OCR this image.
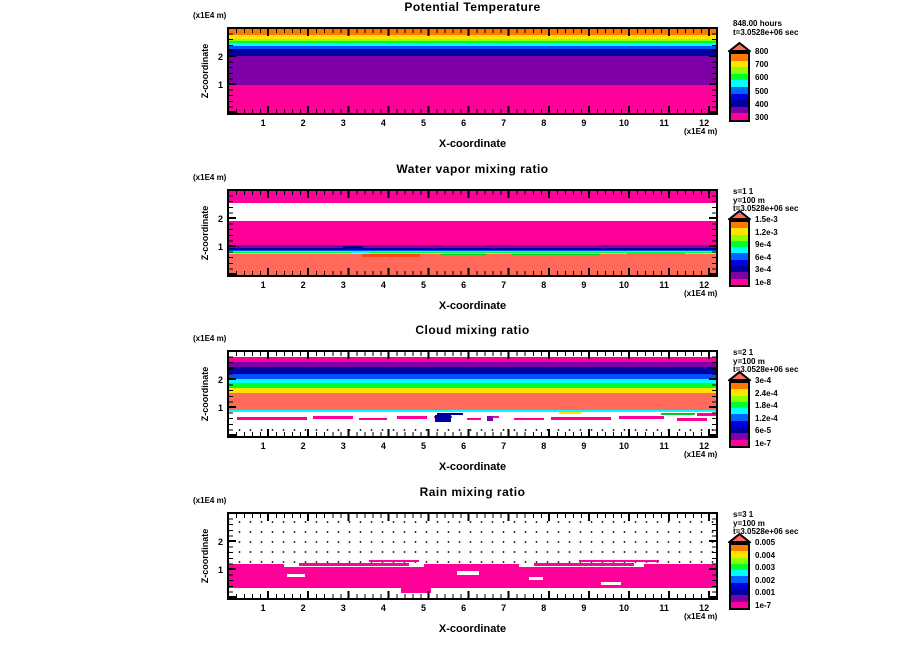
Potential Temperature
(x1E4 m)
Z-coordinate 2
1
1	2	3	4	5	6	7	8	9	10	11	12
(x1E4 m)
X-coordinate
800
700
600
500
400
300
848.00 hours
t=3.0528e+06 sec
Water vapor mixing ratio
(x1E4 m)
Z-coordinate 2
1
1	2	3	4	5	6	7	8	9	10	11	12
(x1E4 m)
X-coordinate
1.5e-3
1.2e-3
9e-4
6e-4
3e-4
1e-8
s=1 1
y=100 m
t=3.0528e+06 sec
Cloud mixing ratio
(x1E4 m)
Z-coordinate 2
1
1	2	3	4	5	6	7	8	9	10	11	12
(x1E4 m)
X-coordinate
3e-4
2.4e-4
1.8e-4
1.2e-4
6e-5
1e-7
s=2 1
y=100 m
t=3.0528e+06 sec
Rain mixing ratio
(x1E4 m)
Z-coordinate 2
1
1	2	3	4	5	6	7	8	9	10	11	12
(x1E4 m)
X-coordinate
0.005
0.004
0.003
0.002
0.001
1e-7
s=3 1
y=100 m
t=3.0528e+06 sec
